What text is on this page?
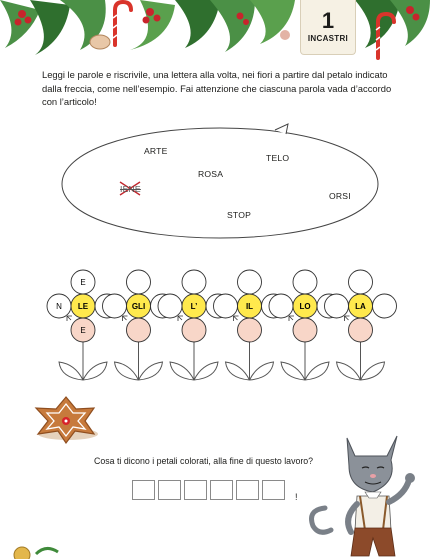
1
INCASTRI
Leggi le parole e riscrivile, una lettera alla volta, nei fiori a partire dal petalo indicato dalla freccia, come nell’esempio. Fai attenzione che ciascuna parola vada d’accordo con l’articolo!
ARTE
TELO
ROSA
IENE
ORSI
STOP
E
N
E
LE	GLI	L’	IL	LO	LA
Cosa ti dicono i petali colorati, alla fine di questo lavoro?
!
